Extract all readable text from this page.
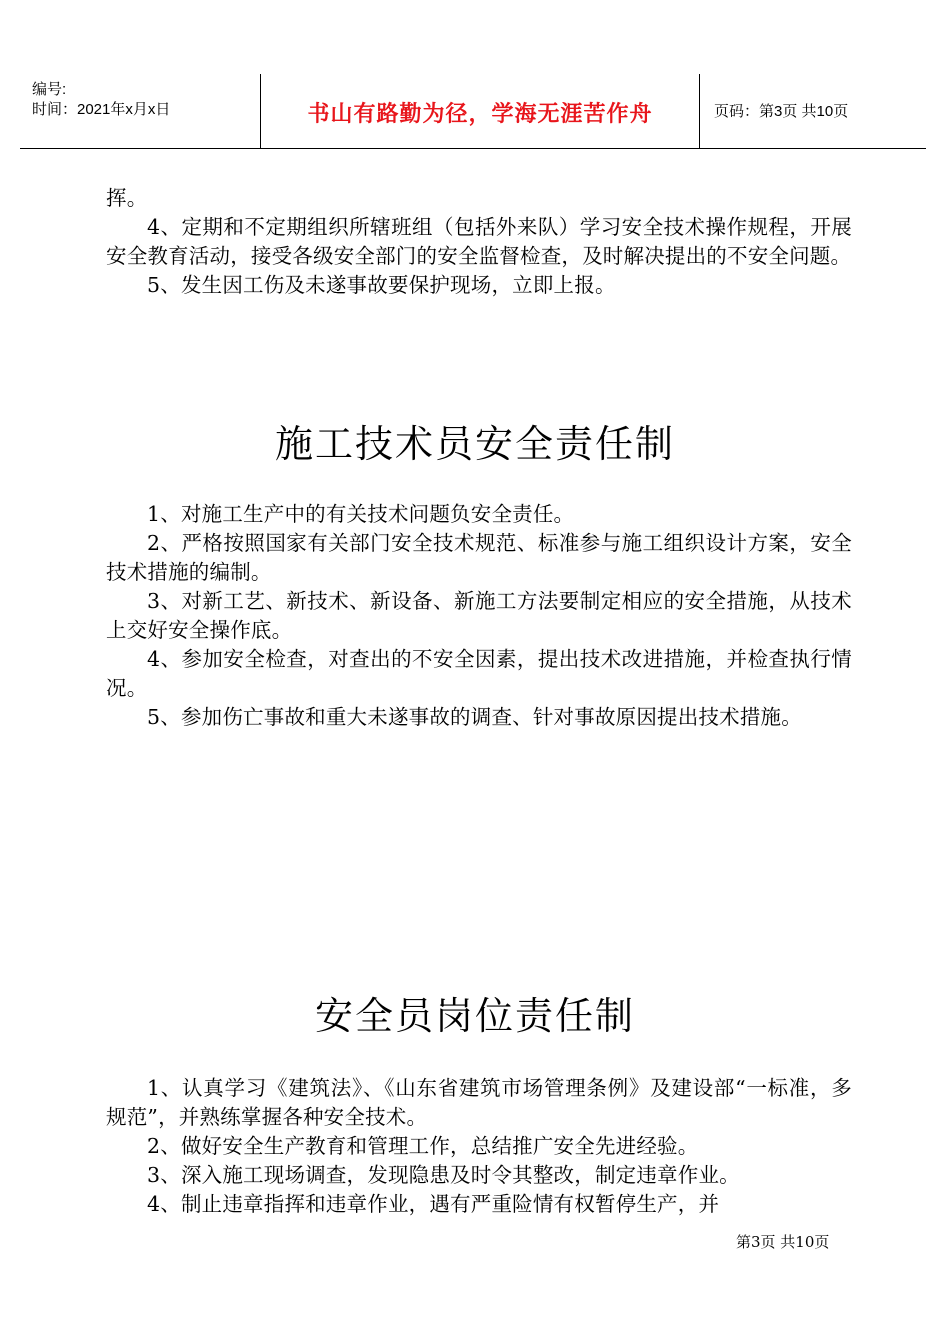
编号:
时间：2021年x月x日	书山有路勤为径，学海无涯苦作舟	页码：第3页 共10页

挥。

4、定期和不定期组织所辖班组（包括外来队）学习安全技术操作规程，开展安全教育活动，接受各级安全部门的安全监督检查，及时解决提出的不安全问题。

5、发生因工伤及未遂事故要保护现场，立即上报。

施工技术员安全责任制

1、对施工生产中的有关技术问题负安全责任。

2、严格按照国家有关部门安全技术规范、标准参与施工组织设计方案，安全技术措施的编制。

3、对新工艺、新技术、新设备、新施工方法要制定相应的安全措施，从技术上交好安全操作底。

4、参加安全检查，对查出的不安全因素，提出技术改进措施，并检查执行情况。

5、参加伤亡事故和重大未遂事故的调查、针对事故原因提出技术措施。

安全员岗位责任制

1、认真学习《建筑法》、《山东省建筑市场管理条例》及建设部“一标准，多规范”，并熟练掌握各种安全技术。

2、做好安全生产教育和管理工作，总结推广安全先进经验。

3、深入施工现场调查，发现隐患及时令其整改，制定违章作业。

4、制止违章指挥和违章作业，遇有严重险情有权暂停生产，并

第3页 共10页
